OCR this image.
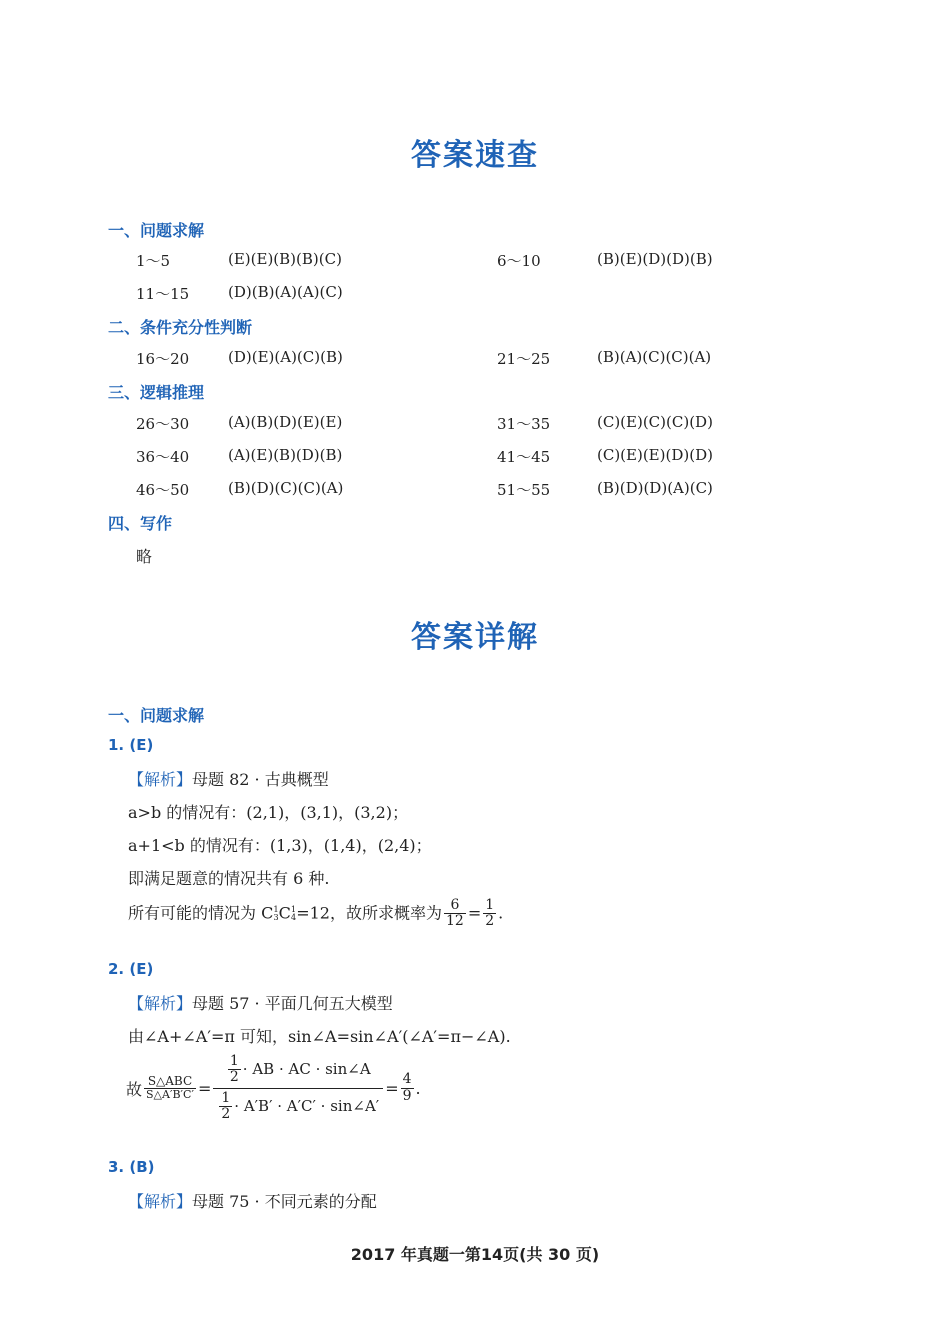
答案速查
一、问题求解
1～5	(E)(E)(B)(B)(C)	6～10	(B)(E)(D)(D)(B)
11～15	(D)(B)(A)(A)(C)
二、条件充分性判断
16～20	(D)(E)(A)(C)(B)	21～25	(B)(A)(C)(C)(A)
三、逻辑推理
26～30	(A)(B)(D)(E)(E)	31～35	(C)(E)(C)(C)(D)
36～40	(A)(E)(B)(D)(B)	41～45	(C)(E)(E)(D)(D)
46～50	(B)(D)(C)(C)(A)	51～55	(B)(D)(D)(A)(C)
四、写作
略
答案详解
一、问题求解
1. (E)
【解析】母题 82 · 古典概型
a>b 的情况有：(2,1)，(3,1)，(3,2)；
a+1<b 的情况有：(1,3)，(1,4)，(2,4)；
即满足题意的情况共有 6 种.
所有可能的情况为 C 1
3 C 1
4 =12，故所求概率为 $\frac{6}{12} = \frac{1}{2}$ .
2. (E)
【解析】母题 57 · 平面几何五大模型
由∠A+∠A′=π 可知，sin∠A=sin∠A′(∠A′=π−∠A).
故 $\frac{\text{S△ABC}}{S\triangle A'B'C'} = \frac{\frac{1}{2} \cdot AB \cdot AC \cdot \sin\angle A}{\frac{1}{2} \cdot A'B' \cdot A'C' \cdot \sin\angle A'} = \frac{4}{9}$ .
3. (B)
【解析】母题 75 · 不同元素的分配
2017 年真题一第14页(共 30 页)
